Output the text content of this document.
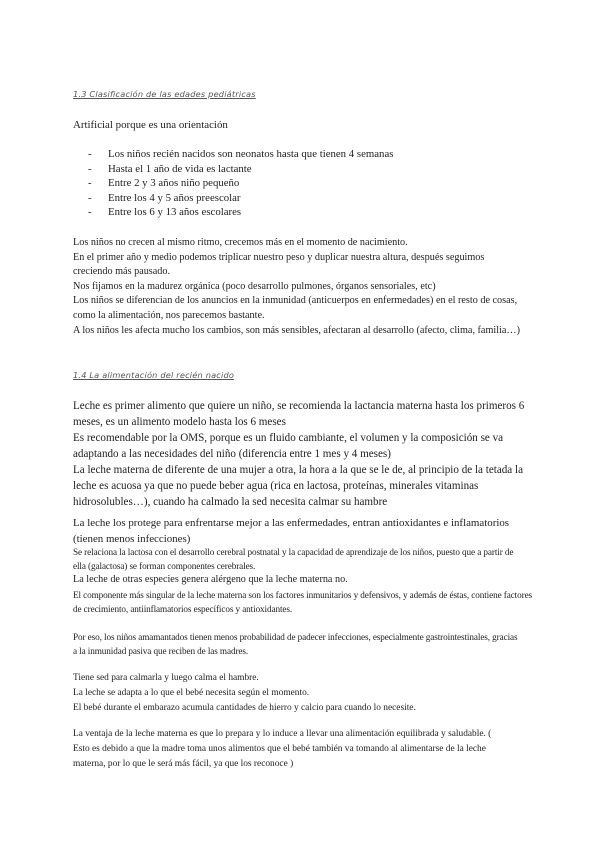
1.3 Clasificación de las edades pediátricas
Artificial porque es una orientación
- Los niños recién nacidos son neonatos hasta que tienen 4 semanas
- Hasta el 1 año de vida es lactante
- Entre 2 y 3 años niño pequeño
- Entre los 4 y 5 años preescolar
- Entre los 6 y 13 años escolares
Los niños no crecen al mismo ritmo, crecemos más en el momento de nacimiento.
En el primer año y medio podemos triplicar nuestro peso y duplicar nuestra altura, después seguimos creciendo más pausado.
Nos fijamos en la madurez orgánica (poco desarrollo pulmones, órganos sensoriales, etc)
Los niños se diferencian de los anuncios en la inmunidad (anticuerpos en enfermedades) en el resto de cosas, como la alimentación, nos parecemos bastante.
A los niños les afecta mucho los cambios, son más sensibles, afectaran al desarrollo (afecto, clima, familia…)
1.4 La alimentación del recién nacido
Leche es primer alimento que quiere un niño, se recomienda la lactancia materna hasta los primeros 6 meses, es un alimento modelo hasta los 6 meses
Es recomendable por la OMS, porque es un fluido cambiante, el volumen y la composición se va adaptando a las necesidades del niño (diferencia entre 1 mes y 4 meses)
La leche materna de diferente de una mujer a otra, la hora a la que se le de, al principio de la tetada la leche es acuosa ya que no puede beber agua (rica en lactosa, proteínas, minerales vitaminas hidrosolubles…), cuando ha calmado la sed necesita calmar su hambre
La leche los protege para enfrentarse mejor a las enfermedades, entran antioxidantes e inflamatorios (tienen menos infecciones)
Se relaciona la lactosa con el desarrollo cerebral postnatal y la capacidad de aprendizaje de los niños, puesto que a partir de ella (galactosa) se forman componentes cerebrales.
La leche de otras especies genera alérgeno que la leche materna no.
El componente más singular de la leche materna son los factores inmunitarios y defensivos, y además de éstas, contiene factores de crecimiento, antiinflamatorios específicos y antioxidantes.
Por eso, los niños amamantados tienen menos probabilidad de padecer infecciones, especialmente gastrointestinales, gracias a la inmunidad pasiva que reciben de las madres.
Tiene sed para calmarla y luego calma el hambre.
La leche se adapta a lo que el bebé necesita según el momento.
El bebé durante el embarazo acumula cantidades de hierro y calcio para cuando lo necesite.
La ventaja de la leche materna es que lo prepara y lo induce a llevar una alimentación equilibrada y saludable. ( Esto es debido a que la madre toma unos alimentos que el bebé también va tomando al alimentarse de la leche materna, por lo que le será más fácil, ya que los reconoce )
